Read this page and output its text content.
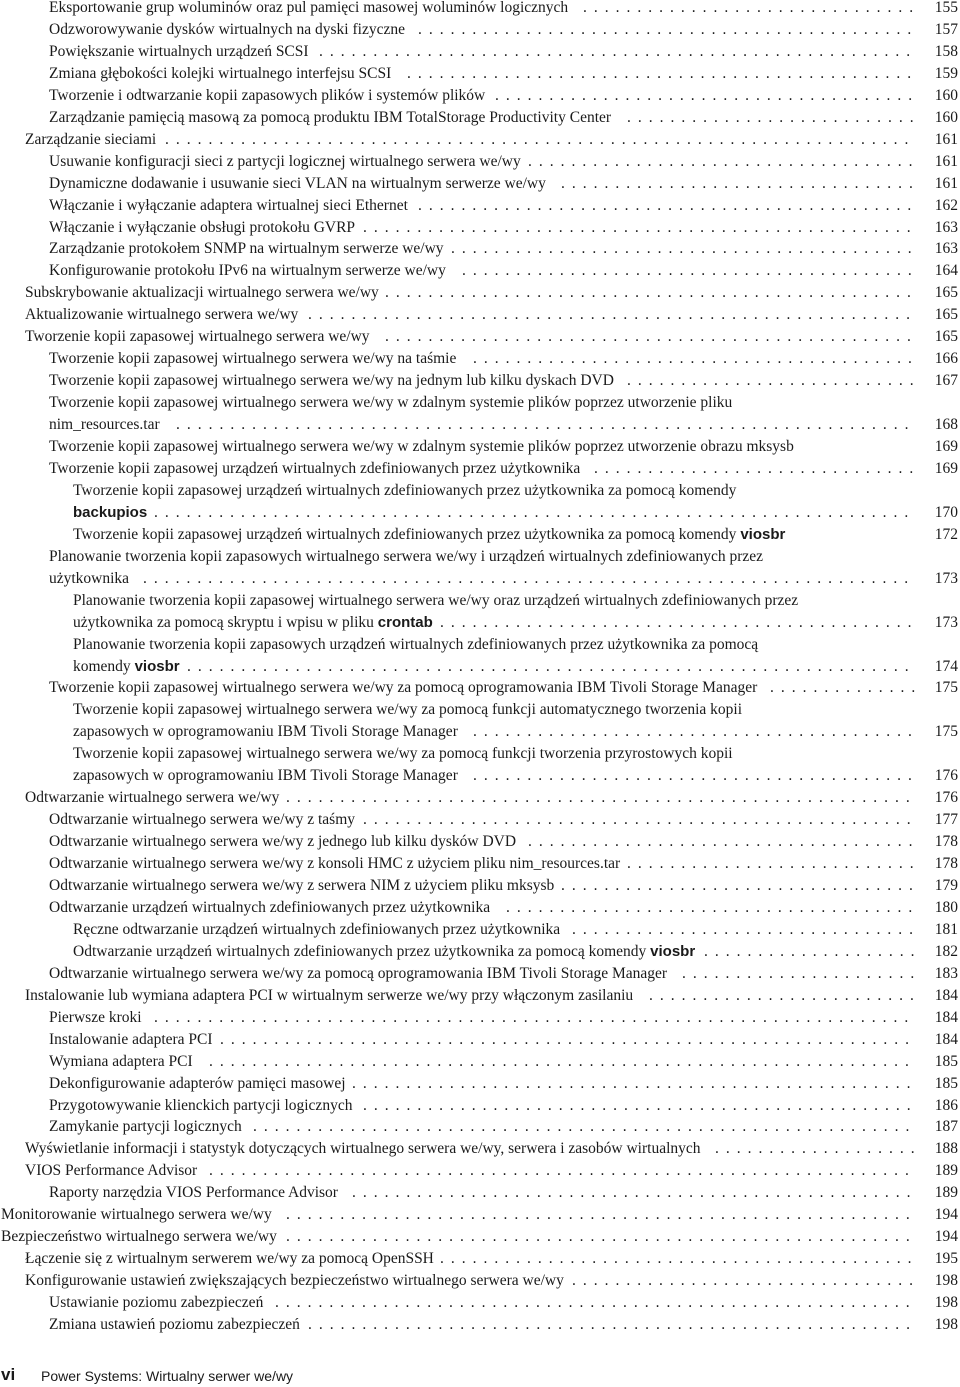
Eksportowanie grup woluminów oraz pul pamięci masowej woluminów logicznych ............................... 155
Odzworowywanie dysków wirtualnych na dyski fizyczne ..............................................	157
Powiększanie wirtualnych urządzeń SCSI .......................................................	158
Zmiana głębokości kolejki wirtualnego interfejsu SCSI ...............................................	159
Tworzenie i odtwarzanie kopii zapasowych plików i systemów plików .......................................	160
Zarządzanie pamięcią masową za pomocą produktu IBM TotalStorage Productivity Center ........................... 160
Zarządzanie sieciami .....................................................................	161
Usuwanie konfiguracji sieci z partycji logicznej wirtualnego serwera we/wy .................................... 161
Dynamiczne dodawanie i usuwanie sieci VLAN na wirtualnym serwerze we/wy ................................. 161
Włączanie i wyłączanie adaptera wirtualnej sieci Ethernet ..............................................	162
Włączanie i wyłączanie obsługi protokołu GVRP ...................................................	163
Zarządzanie protokołem SNMP na wirtualnym serwerze we/wy ...........................................	163
Konfigurowanie protokołu IPv6 na wirtualnym serwerze we/wy ..........................................	164
Subskrybowanie aktualizacji wirtualnego serwera we/wy .................................................	165
Aktualizowanie wirtualnego serwera we/wy ........................................................	165
Tworzenie kopii zapasowej wirtualnego serwera we/wy .................................................	165
Tworzenie kopii zapasowej wirtualnego serwera we/wy na taśmie .........................................	166
Tworzenie kopii zapasowej wirtualnego serwera we/wy na jednym lub kilku dyskach DVD ........................... 167
Tworzenie kopii zapasowej wirtualnego serwera we/wy w zdalnym systemie plików poprzez utworzenie pliku
nim_resources.tar ....................................................................	168
Tworzenie kopii zapasowej wirtualnego serwera we/wy w zdalnym systemie plików poprzez utworzenie obrazu mksysb	169
Tworzenie kopii zapasowej urządzeń wirtualnych zdefiniowanych przez użytkownika .............................. 169
Tworzenie kopii zapasowej urządzeń wirtualnych zdefiniowanych przez użytkownika za pomocą komendy
backupios ......................................................................	170
Tworzenie kopii zapasowej urządzeń wirtualnych zdefiniowanych przez użytkownika za pomocą komendy viosbr	172
Planowanie tworzenia kopii zapasowych wirtualnego serwera we/wy i urządzeń wirtualnych zdefiniowanych przez
użytkownika .......................................................................	173
Planowanie tworzenia kopii zapasowej wirtualnego serwera we/wy oraz urządzeń wirtualnych zdefiniowanych przez
użytkownika za pomocą skryptu i wpisu w pliku crontab ............................................	173
Planowanie tworzenia kopii zapasowych urządzeń wirtualnych zdefiniowanych przez użytkownika za pomocą
komendy viosbr ...................................................................	174
Tworzenie kopii zapasowej wirtualnego serwera we/wy za pomocą oprogramowania IBM Tivoli Storage Manager .............. 175
Tworzenie kopii zapasowej wirtualnego serwera we/wy za pomocą funkcji automatycznego tworzenia kopii
zapasowych w oprogramowaniu IBM Tivoli Storage Manager .........................................	175
Tworzenie kopii zapasowej wirtualnego serwera we/wy za pomocą funkcji tworzenia przyrostowych kopii
zapasowych w oprogramowaniu IBM Tivoli Storage Manager .........................................	176
Odtwarzanie wirtualnego serwera we/wy ..........................................................	176
Odtwarzanie wirtualnego serwera we/wy z taśmy ...................................................	177
Odtwarzanie wirtualnego serwera we/wy z jednego lub kilku dysków DVD .................................... 178
Odtwarzanie wirtualnego serwera we/wy z konsoli HMC z użyciem pliku nim_resources.tar ........................... 178
Odtwarzanie wirtualnego serwera we/wy z serwera NIM z użyciem pliku mksysb ................................. 179
Odtwarzanie urządzeń wirtualnych zdefiniowanych przez użytkownika ......................................	180
Ręczne odtwarzanie urządzeń wirtualnych zdefiniowanych przez użytkownika ................................ 181
Odtwarzanie urządzeń wirtualnych zdefiniowanych przez użytkownika za pomocą komendy viosbr .................... 182
Odtwarzanie wirtualnego serwera we/wy za pomocą oprogramowania IBM Tivoli Storage Manager ...................... 183
Instalowanie lub wymiana adaptera PCI w wirtualnym serwerze we/wy przy włączonym zasilaniu ......................... 184
Pierwsze kroki ......................................................................	184
Instalowanie adaptera PCI ................................................................	184
Wymiana adaptera PCI .................................................................	185
Dekonfigurowanie adapterów pamięci masowej ....................................................	185
Przygotowywanie klienckich partycji logicznych ...................................................	186
Zamykanie partycji logicznych .............................................................	187
Wyświetlanie informacji i statystyk dotyczących wirtualnego serwera we/wy, serwera i zasobów wirtualnych ................... 188
VIOS Performance Advisor .................................................................	189
Raporty narzędzia VIOS Performance Advisor ....................................................	189
Monitorowanie wirtualnego serwera we/wy ..........................................................	194
Bezpieczeństwo wirtualnego serwera we/wy ..........................................................	194
Łączenie się z wirtualnym serwerem we/wy za pomocą OpenSSH ............................................	195
Konfigurowanie ustawień zwiększających bezpieczeństwo wirtualnego serwera we/wy ................................ 198
Ustawianie poziomu zabezpieczeń ...........................................................	198
Zmiana ustawień poziomu zabezpieczeń ........................................................	198
vi Power Systems: Wirtualny serwer we/wy
